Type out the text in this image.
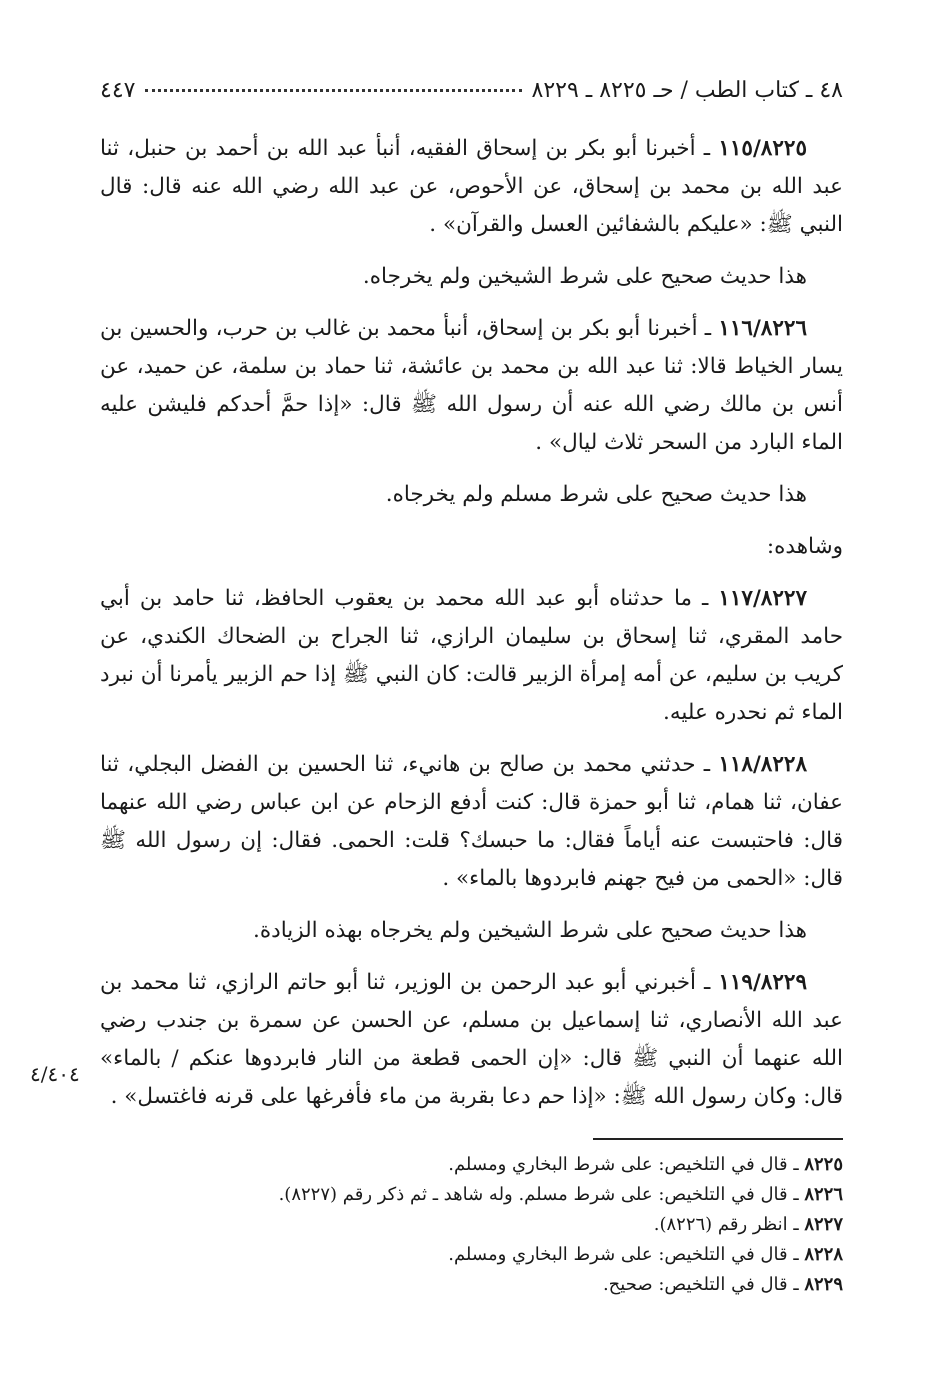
٤٨ ـ كتاب الطب / حـ ٨٢٢٥ ـ ٨٢٢٩
٤٤٧

١١٥/٨٢٢٥ ـ أخبرنا أبو بكر بن إسحاق الفقيه، أنبأ عبد الله بن أحمد بن حنبل، ثنا عبد الله بن محمد بن إسحاق، عن الأحوص، عن عبد الله رضي الله عنه قال: قال النبي ﷺ: «عليكم بالشفائين العسل والقرآن» .

هذا حديث صحيح على شرط الشيخين ولم يخرجاه.

١١٦/٨٢٢٦ ـ أخبرنا أبو بكر بن إسحاق، أنبأ محمد بن غالب بن حرب، والحسين بن يسار الخياط قالا: ثنا عبد الله بن محمد بن عائشة، ثنا حماد بن سلمة، عن حميد، عن أنس بن مالك رضي الله عنه أن رسول الله ﷺ قال: «إذا حمَّ أحدكم فليشن عليه الماء البارد من السحر ثلاث ليال» .

هذا حديث صحيح على شرط مسلم ولم يخرجاه.

وشاهده:

١١٧/٨٢٢٧ ـ ما حدثناه أبو عبد الله محمد بن يعقوب الحافظ، ثنا حامد بن أبي حامد المقري، ثنا إسحاق بن سليمان الرازي، ثنا الجراح بن الضحاك الكندي، عن كريب بن سليم، عن أمه إمرأة الزبير قالت: كان النبي ﷺ إذا حم الزبير يأمرنا أن نبرد الماء ثم نحدره عليه.

١١٨/٨٢٢٨ ـ حدثني محمد بن صالح بن هانيء، ثنا الحسين بن الفضل البجلي، ثنا عفان، ثنا همام، ثنا أبو حمزة قال: كنت أدفع الزحام عن ابن عباس رضي الله عنهما قال: فاحتبست عنه أياماً فقال: ما حبسك؟ قلت: الحمى. فقال: إن رسول الله ﷺ قال: «الحمى من فيح جهنم فابردوها بالماء» .

هذا حديث صحيح على شرط الشيخين ولم يخرجاه بهذه الزيادة.

١١٩/٨٢٢٩ ـ أخبرني أبو عبد الرحمن بن الوزير، ثنا أبو حاتم الرازي، ثنا محمد بن عبد الله الأنصاري، ثنا إسماعيل بن مسلم، عن الحسن عن سمرة بن جندب رضي الله عنهما أن النبي ﷺ قال: «إن الحمى قطعة من النار فابردوها عنكم / بالماء» قال: وكان رسول الله ﷺ: «إذا حم دعا بقربة من ماء فأفرغها على قرنه فاغتسل» .

٤/٤٠٤

٨٢٢٥ ـ قال في التلخيص: على شرط البخاري ومسلم.

٨٢٢٦ ـ قال في التلخيص: على شرط مسلم. وله شاهد ـ ثم ذكر رقم (٨٢٢٧).

٨٢٢٧ ـ انظر رقم (٨٢٢٦).

٨٢٢٨ ـ قال في التلخيص: على شرط البخاري ومسلم.

٨٢٢٩ ـ قال في التلخيص: صحيح.
